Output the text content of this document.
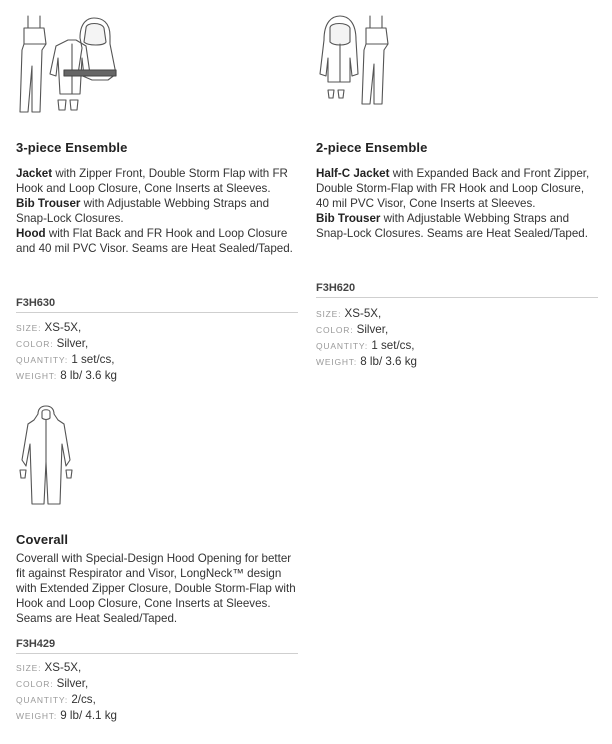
3-piece Ensemble

Jacket with Zipper Front, Double Storm Flap with FR Hook and Loop Closure, Cone Inserts at Sleeves.

Bib Trouser with Adjustable Webbing Straps and Snap-Lock Closures.

Hood with Flat Back and FR Hook and Loop Closure and 40 mil PVC Visor. Seams are Heat Sealed/Taped.

F3H630
SIZE: XS-5X,
COLOR: Silver,
QUANTITY: 1 set/cs,
WEIGHT: 8 lb/ 3.6 kg
2-piece Ensemble

Half-C Jacket with Expanded Back and Front Zipper, Double Storm-Flap with FR Hook and Loop Closure, 40 mil PVC Visor, Cone Inserts at Sleeves.

Bib Trouser with Adjustable Webbing Straps and Snap-Lock Closures. Seams are Heat Sealed/Taped.

F3H620
SIZE: XS-5X,
COLOR: Silver,
QUANTITY: 1 set/cs,
WEIGHT: 8 lb/ 3.6 kg
Coverall

Coverall with Special-Design Hood Opening for better fit against Respirator and Visor, LongNeck™ design with Extended Zipper Closure, Double Storm-Flap with Hook and Loop Closure, Cone Inserts at Sleeves. Seams are Heat Sealed/Taped.

F3H429
SIZE: XS-5X,
COLOR: Silver,
QUANTITY: 2/cs,
WEIGHT: 9 lb/ 4.1 kg
